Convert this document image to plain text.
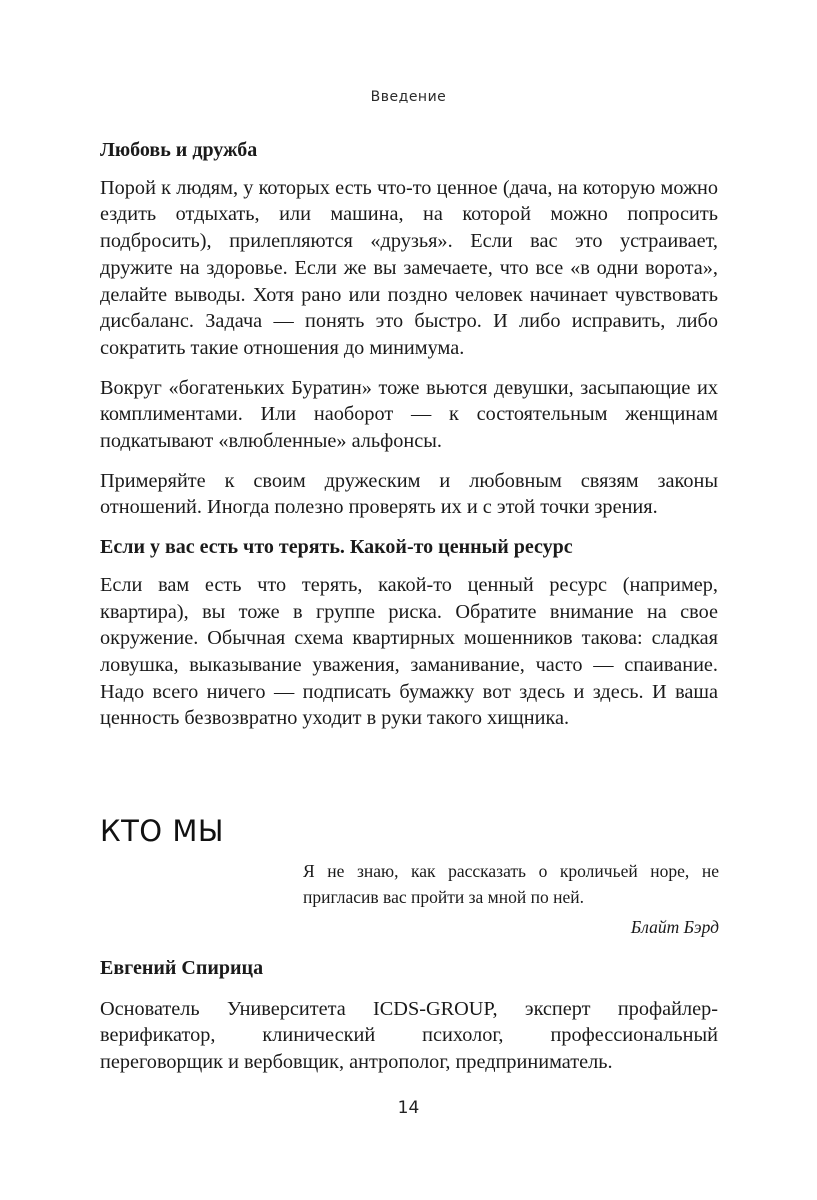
Введение
Любовь и дружба

Порой к людям, у которых есть что-то ценное (дача, на которую можно ездить отдыхать, или машина, на которой можно попросить подбросить), прилепляются «друзья». Если вас это устраивает, дружите на здоровье. Если же вы замечаете, что все «в одни ворота», делайте выводы. Хотя рано или поздно человек начинает чувствовать дисбаланс. Задача — понять это быстро. И либо исправить, либо сократить такие отношения до минимума.

Вокруг «богатеньких Буратин» тоже вьются девушки, засыпающие их комплиментами. Или наоборот — к состоятельным женщинам подкатывают «влюбленные» альфонсы.

Примеряйте к своим дружеским и любовным связям законы отношений. Иногда полезно проверять их и с этой точки зрения.

Если у вас есть что терять. Какой-то ценный ресурс

Если вам есть что терять, какой-то ценный ресурс (например, квартира), вы тоже в группе риска. Обратите внимание на свое окружение. Обычная схема квартирных мошенников такова: сладкая ловушка, выказывание уважения, заманивание, часто — спаивание. Надо всего ничего — подписать бумажку вот здесь и здесь. И ваша ценность безвозвратно уходит в руки такого хищника.

КТО МЫ
Я не знаю, как рассказать о кроличьей норе, не пригласив вас пройти за мной по ней.
Блайт Бэрд
Евгений Спирица

Основатель Университета ICDS-GROUP, эксперт профайлер-верификатор, клинический психолог, профессиональный переговорщик и вербовщик, антрополог, предприниматель.

14
